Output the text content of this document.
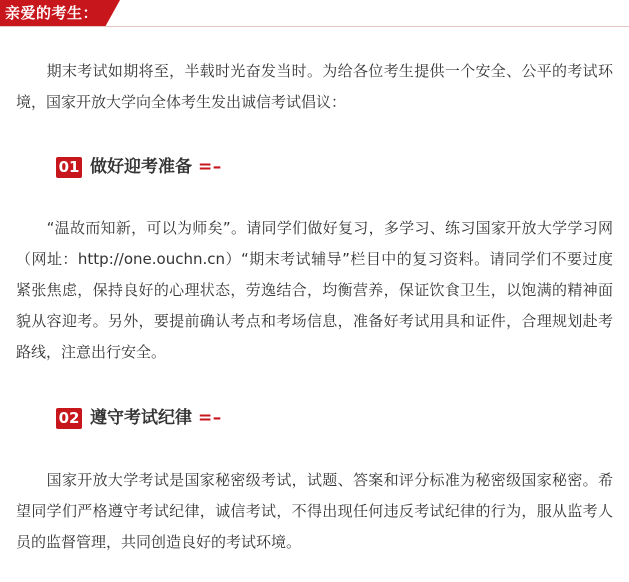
亲爱的考生：

　　期末考试如期将至，半载时光奋发当时。为给各位考生提供一个安全、公平的考试环境，国家开放大学向全体考生发出诚信考试倡议：

01 做好迎考准备 =–

　　“温故而知新，可以为师矣”。请同学们做好复习，多学习、练习国家开放大学学习网（网址：http://one.ouchn.cn）“期末考试辅导”栏目中的复习资料。请同学们不要过度紧张焦虑，保持良好的心理状态，劳逸结合，均衡营养，保证饮食卫生，以饱满的精神面貌从容迎考。另外，要提前确认考点和考场信息，准备好考试用具和证件，合理规划赴考路线，注意出行安全。

02 遵守考试纪律 =–

　　国家开放大学考试是国家秘密级考试，试题、答案和评分标准为秘密级国家秘密。希望同学们严格遵守考试纪律，诚信考试，不得出现任何违反考试纪律的行为，服从监考人员的监督管理，共同创造良好的考试环境。
